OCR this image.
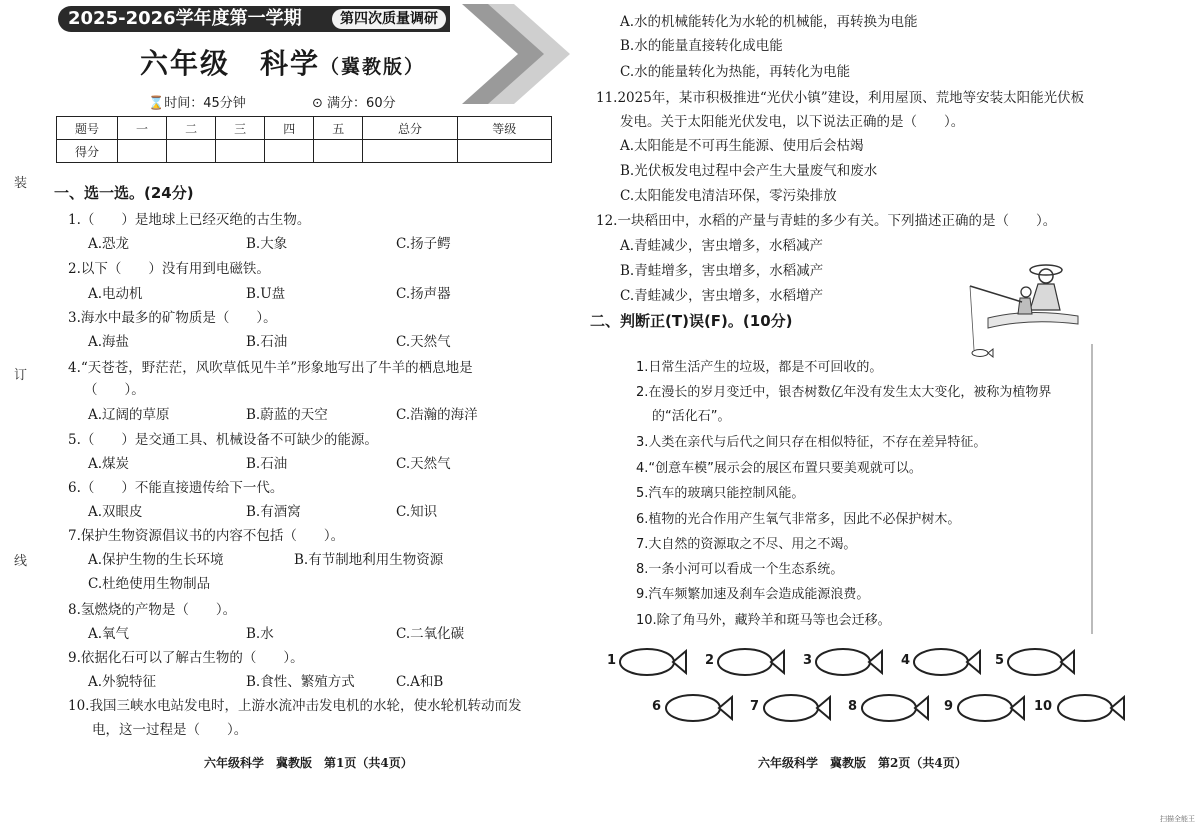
装
订
线
2025-2026学年度第一学期	第四次质量调研
六年级　科学（冀教版）
⌛时间：45分钟	⊙ 满分：60分
题号	一	二	三	四	五	总分	等级
得分							
一、选一选。(24分)
1.（　　）是地球上已经灭绝的古生物。
A.恐龙	B.大象	C.扬子鳄
2.以下（　　）没有用到电磁铁。
A.电动机	B.U盘	C.扬声器
3.海水中最多的矿物质是（　　）。
A.海盐	B.石油	C.天然气
4.“天苍苍，野茫茫，风吹草低见牛羊”形象地写出了牛羊的栖息地是
（　　）。
A.辽阔的草原	B.蔚蓝的天空	C.浩瀚的海洋
5.（　　）是交通工具、机械设备不可缺少的能源。
A.煤炭	B.石油	C.天然气
6.（　　）不能直接遗传给下一代。
A.双眼皮	B.有酒窝	C.知识
7.保护生物资源倡议书的内容不包括（　　）。
A.保护生物的生长环境	B.有节制地利用生物资源
C.杜绝使用生物制品
8.氢燃烧的产物是（　　）。
A.氧气	B.水	C.二氧化碳
9.依据化石可以了解古生物的（　　）。
A.外貌特征	B.食性、繁殖方式	C.A和B
10.我国三峡水电站发电时，上游水流冲击发电机的水轮，使水轮机转动而发
电，这一过程是（　　）。
六年级科学　冀教版　第1页（共4页）
A.水的机械能转化为水轮的机械能，再转换为电能
B.水的能量直接转化成电能
C.水的能量转化为热能，再转化为电能
11.2025年，某市积极推进“光伏小镇”建设，利用屋顶、荒地等安装太阳能光伏板
发电。关于太阳能光伏发电，以下说法正确的是（　　）。
A.太阳能是不可再生能源、使用后会枯竭
B.光伏板发电过程中会产生大量废气和废水
C.太阳能发电清洁环保，零污染排放
12.一块稻田中，水稻的产量与青蛙的多少有关。下列描述正确的是（　　）。
A.青蛙减少，害虫增多，水稻减产
B.青蛙增多，害虫增多，水稻减产
C.青蛙减少，害虫增多，水稻增产
二、判断正(T)误(F)。(10分)
1.日常生活产生的垃圾，都是不可回收的。
2.在漫长的岁月变迁中，银杏树数亿年没有发生太大变化，被称为植物界
的“活化石”。
3.人类在亲代与后代之间只存在相似特征，不存在差异特征。
4.“创意车模”展示会的展区布置只要美观就可以。
5.汽车的玻璃只能控制风能。
6.植物的光合作用产生氧气非常多，因此不必保护树木。
7.大自然的资源取之不尽、用之不竭。
8.一条小河可以看成一个生态系统。
9.汽车频繁加速及刹车会造成能源浪费。
10.除了角马外，藏羚羊和斑马等也会迁移。
1	2	3	4	5
6	7	8	9	10
六年级科学　冀教版　第2页（共4页）
扫描全能王
